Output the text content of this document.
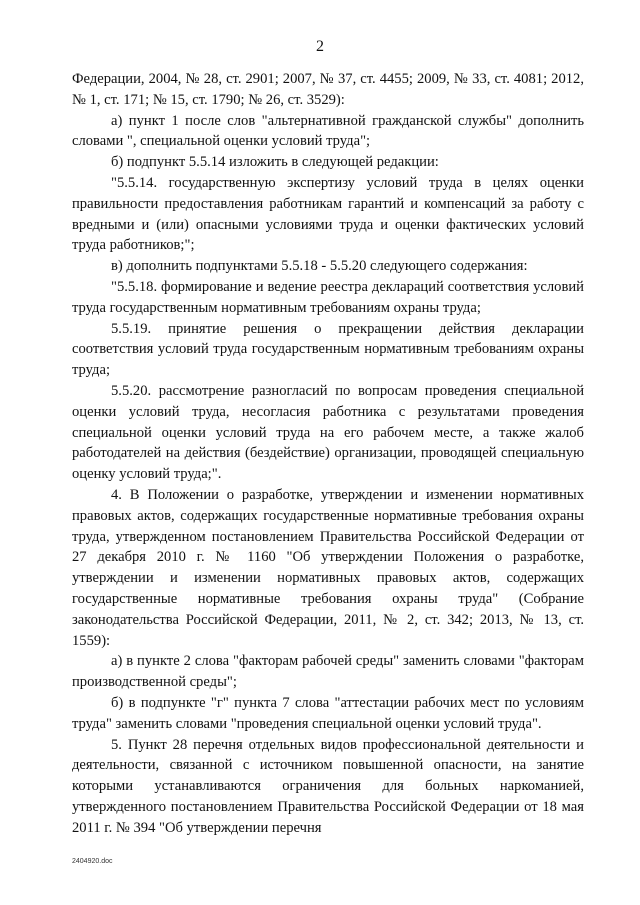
2

Федерации, 2004, № 28, ст. 2901; 2007, № 37, ст. 4455; 2009, № 33, ст. 4081; 2012, № 1, ст. 171; № 15, ст. 1790; № 26, ст. 3529):

а) пункт 1 после слов "альтернативной гражданской службы" дополнить словами ", специальной оценки условий труда";

б) подпункт 5.5.14 изложить в следующей редакции:

"5.5.14. государственную экспертизу условий труда в целях оценки правильности предоставления работникам гарантий и компенсаций за работу с вредными и (или) опасными условиями труда и оценки фактических условий труда работников;";

в) дополнить подпунктами 5.5.18 - 5.5.20 следующего содержания:

"5.5.18. формирование и ведение реестра деклараций соответствия условий труда государственным нормативным требованиям охраны труда;

5.5.19. принятие решения о прекращении действия декларации соответствия условий труда государственным нормативным требованиям охраны труда;

5.5.20. рассмотрение разногласий по вопросам проведения специальной оценки условий труда, несогласия работника с результатами проведения специальной оценки условий труда на его рабочем месте, а также жалоб работодателей на действия (бездействие) организации, проводящей специальную оценку условий труда;".

4. В Положении о разработке, утверждении и изменении нормативных правовых актов, содержащих государственные нормативные требования охраны труда, утвержденном постановлением Правительства Российской Федерации от 27 декабря 2010 г. № 1160 "Об утверждении Положения о разработке, утверждении и изменении нормативных правовых актов, содержащих государственные нормативные требования охраны труда" (Собрание законодательства Российской Федерации, 2011, № 2, ст. 342; 2013, № 13, ст. 1559):

а) в пункте 2 слова "факторам рабочей среды" заменить словами "факторам производственной среды";

б) в подпункте "г" пункта 7 слова "аттестации рабочих мест по условиям труда" заменить словами "проведения специальной оценки условий труда".

5. Пункт 28 перечня отдельных видов профессиональной деятельности и деятельности, связанной с источником повышенной опасности, на занятие которыми устанавливаются ограничения для больных наркоманией, утвержденного постановлением Правительства Российской Федерации от 18 мая 2011 г. № 394 "Об утверждении перечня

2404920.doc
